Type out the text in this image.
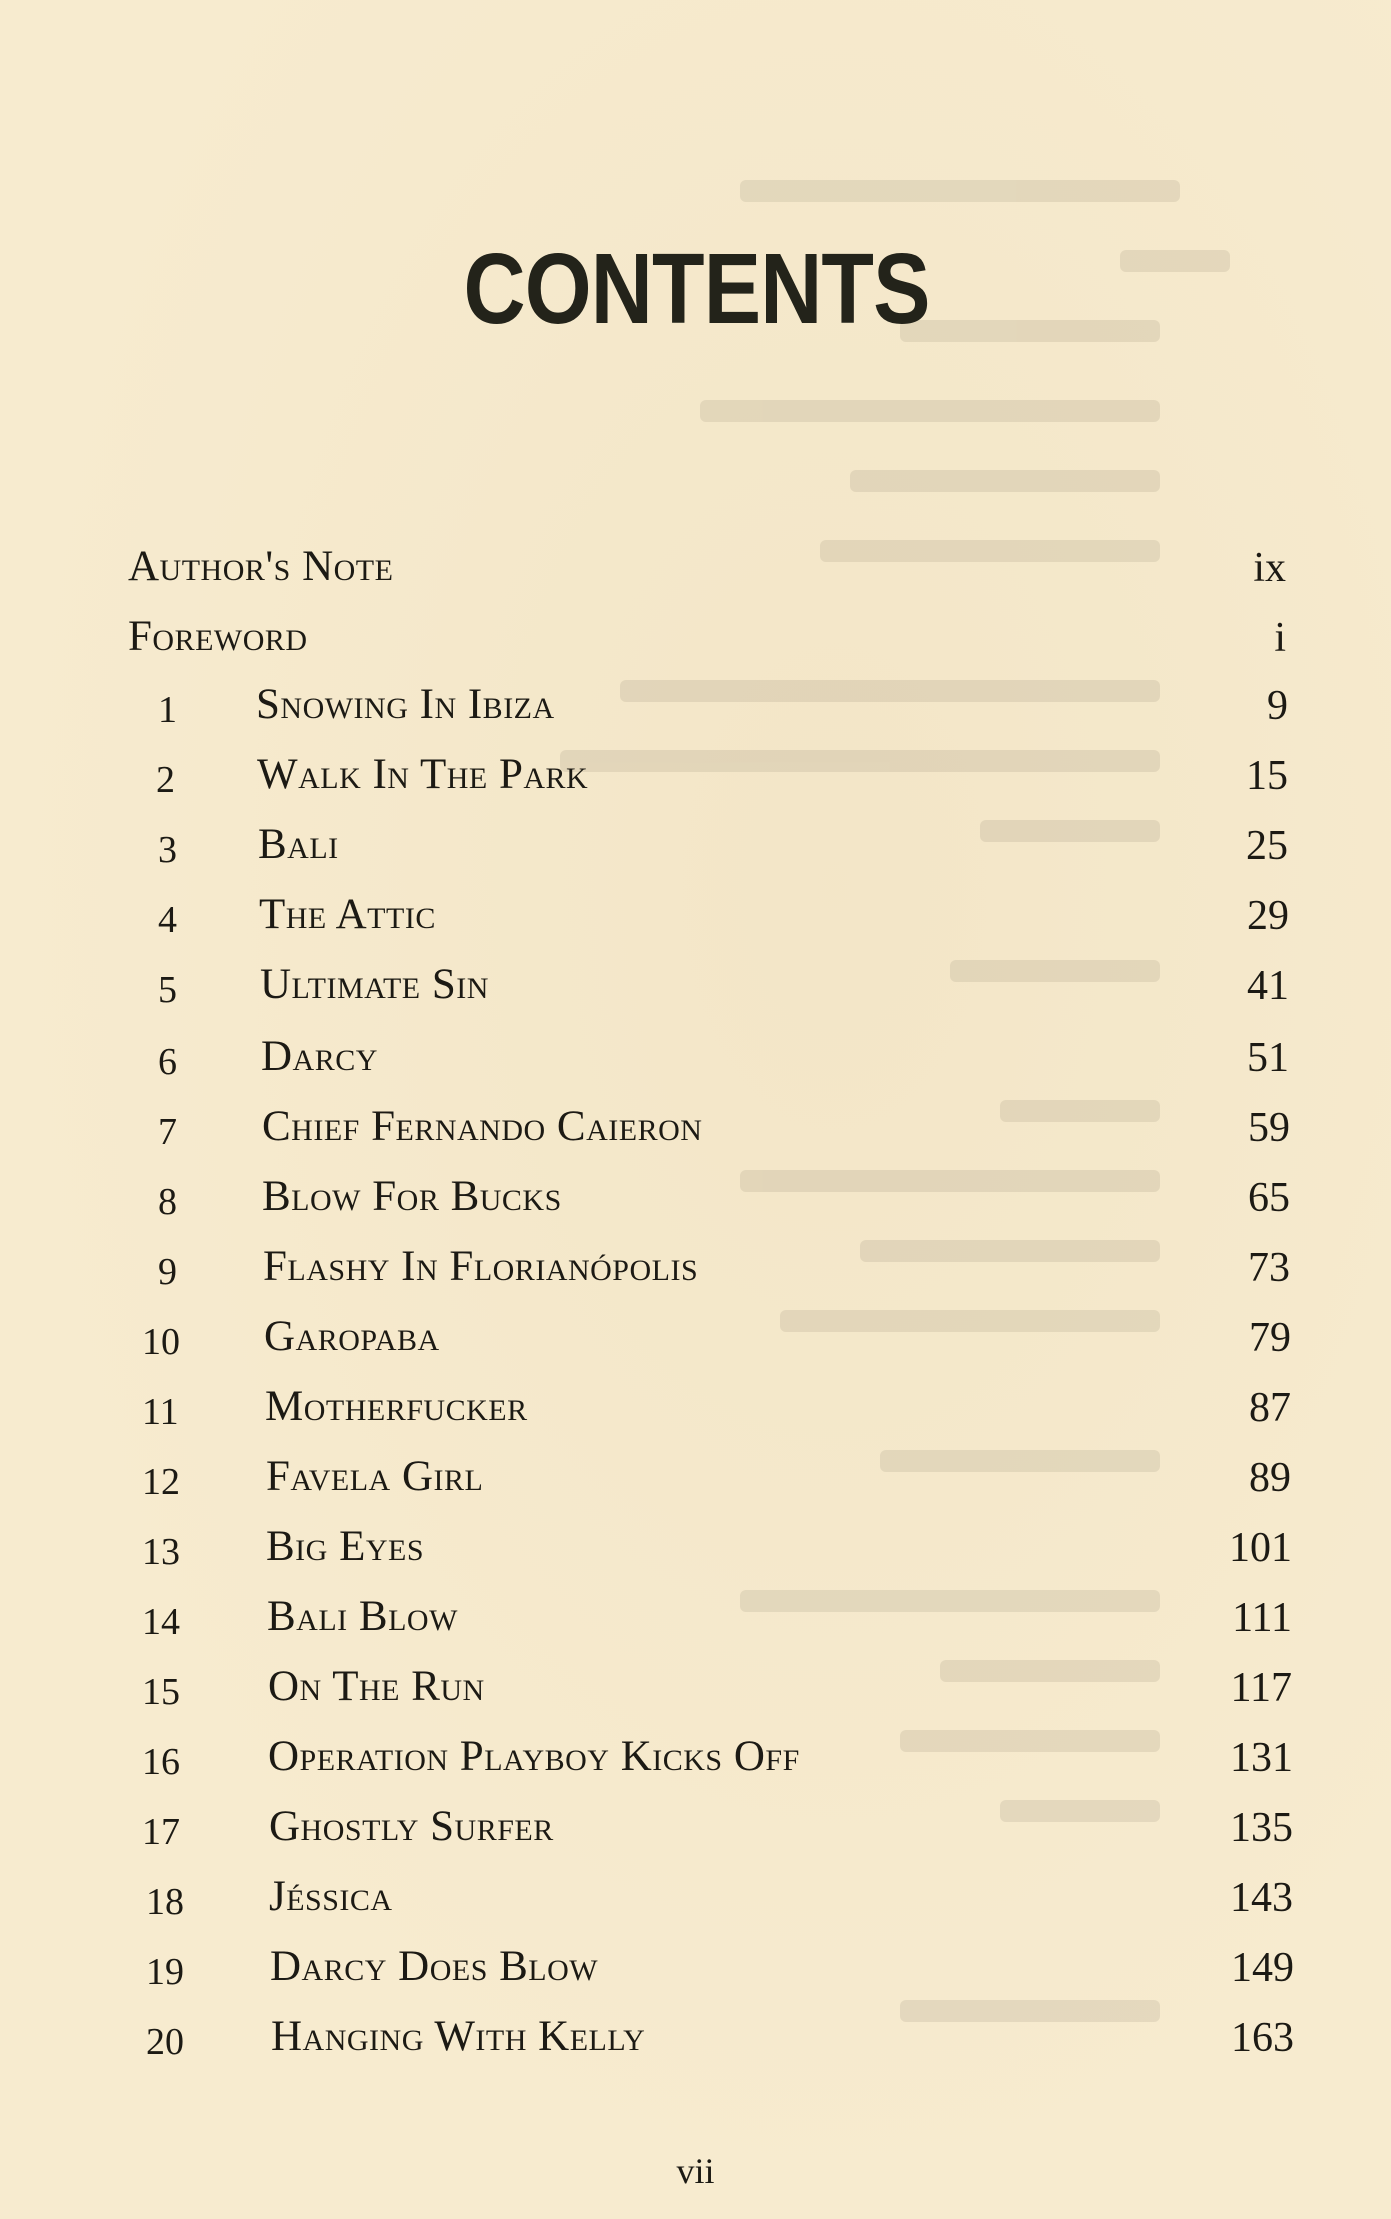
CONTENTS
Author's Note	ix
Foreword	i
1 Snowing In Ibiza	9
2 Walk In The Park	15
3 Bali	25
4 The Attic	29
5 Ultimate Sin	41
6 Darcy	51
7 Chief Fernando Caieron	59
8 Blow For Bucks	65
9 Flashy In Florianópolis	73
10 Garopaba	79
11 Motherfucker	87
12 Favela Girl	89
13 Big Eyes	101
14 Bali Blow	111
15 On The Run	117
16 Operation Playboy Kicks Off	131
17 Ghostly Surfer	135
18 Jéssica	143
19 Darcy Does Blow	149
20 Hanging With Kelly	163
vii
